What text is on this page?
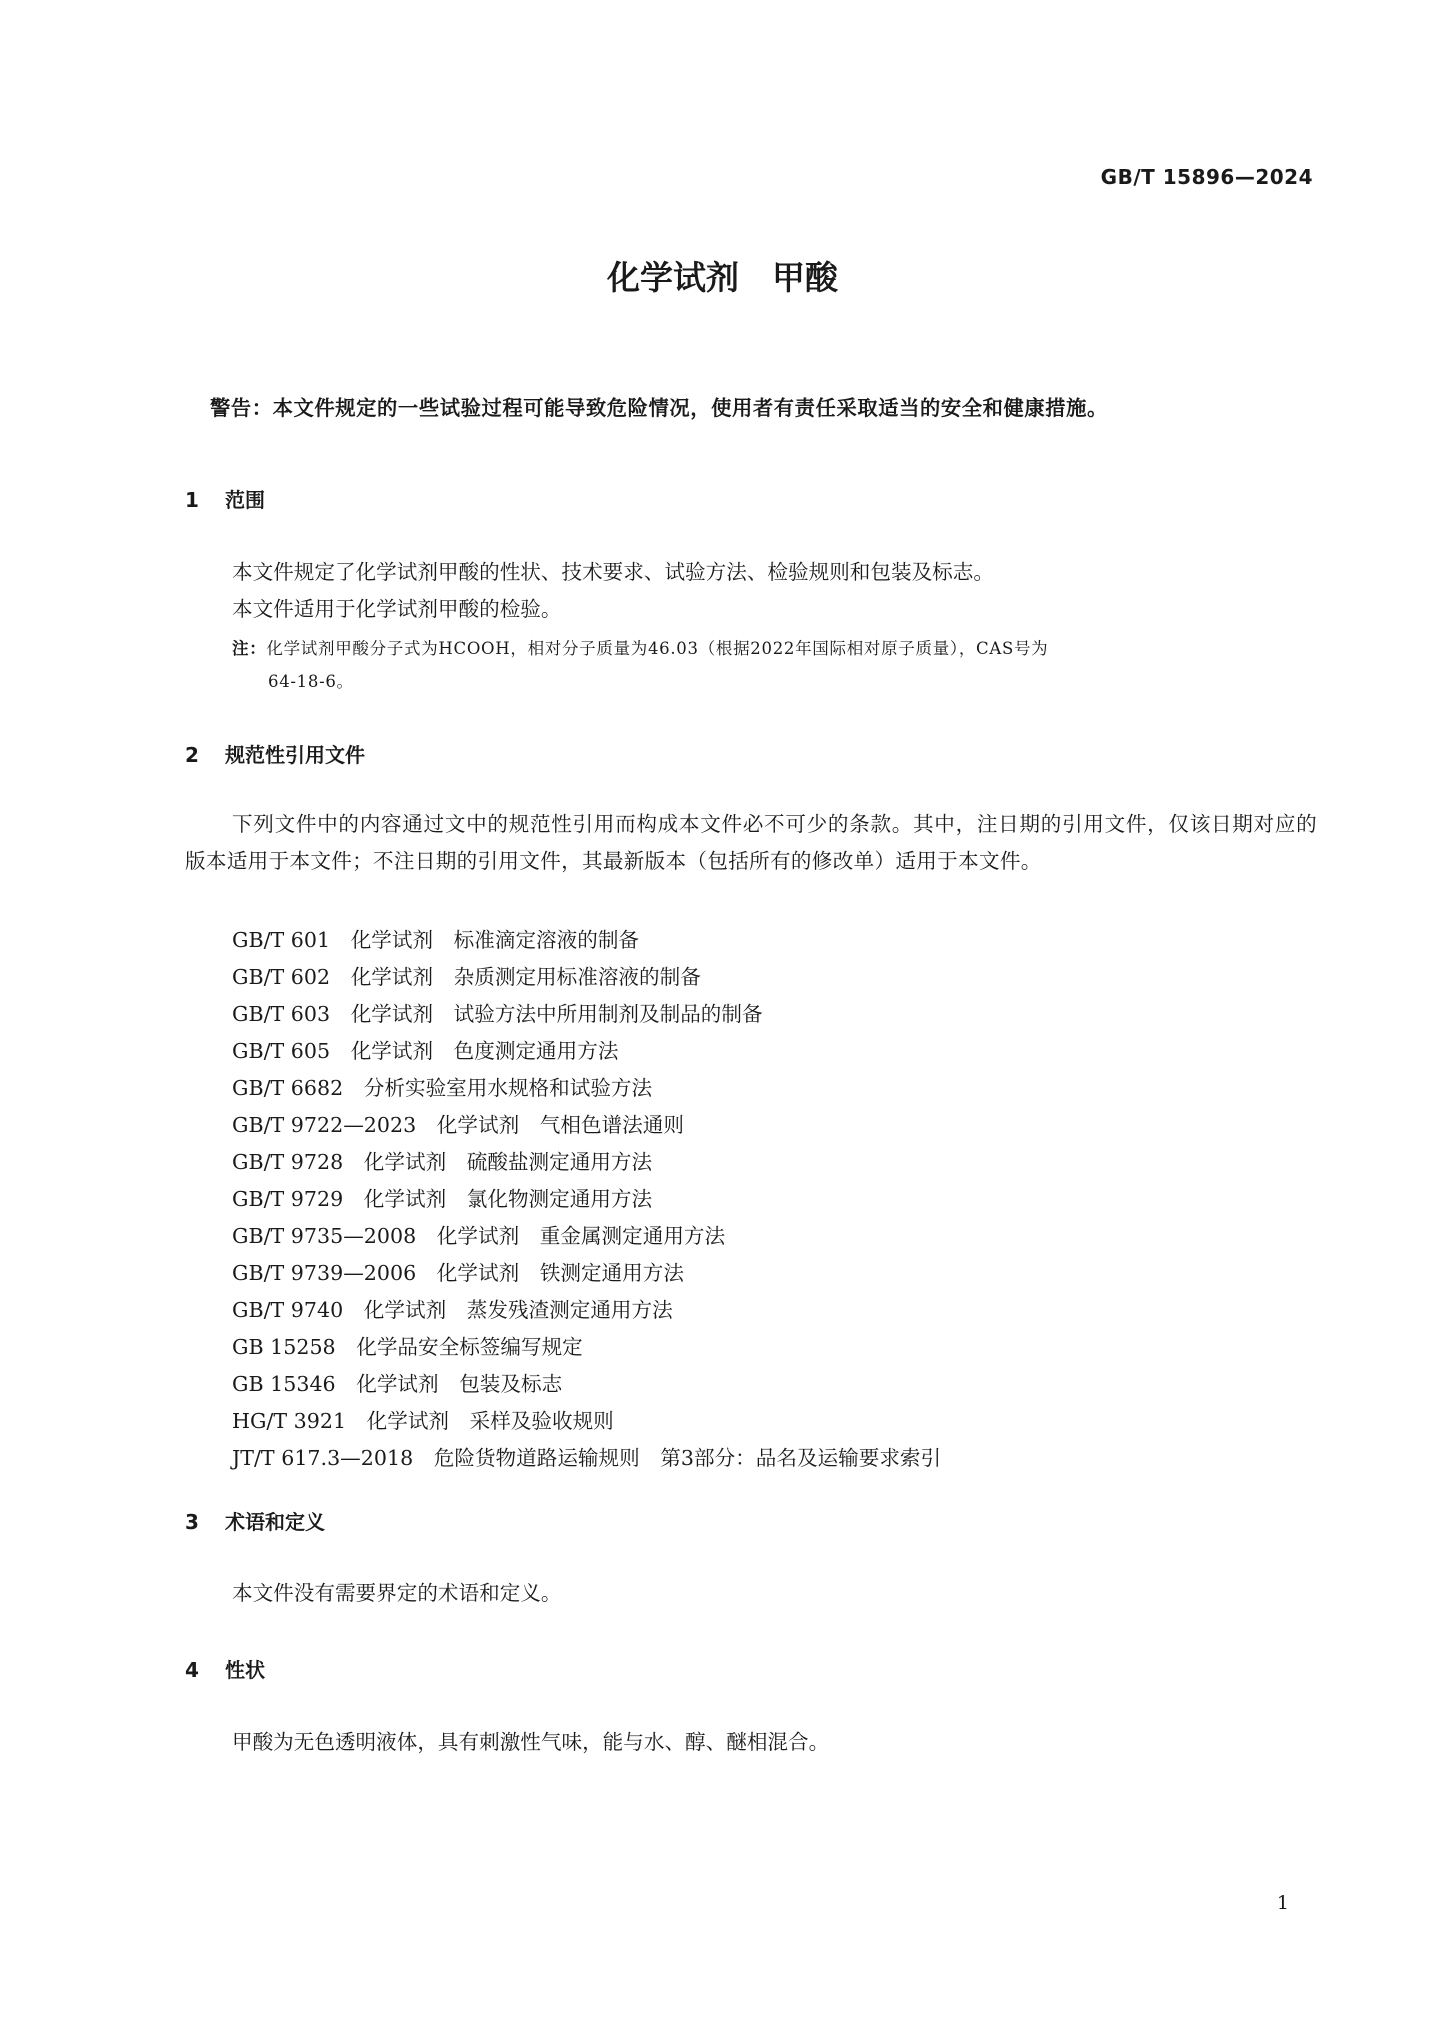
GB/T 15896—2024
化学试剂　甲酸
警告：本文件规定的一些试验过程可能导致危险情况，使用者有责任采取适当的安全和健康措施。
1 范围
本文件规定了化学试剂甲酸的性状、技术要求、试验方法、检验规则和包装及标志。
本文件适用于化学试剂甲酸的检验。
注：化学试剂甲酸分子式为HCOOH，相对分子质量为46.03（根据2022年国际相对原子质量），CAS号为
64-18-6。
2 规范性引用文件
下列文件中的内容通过文中的规范性引用而构成本文件必不可少的条款。其中，注日期的引用文件，仅该日期对应的版本适用于本文件；不注日期的引用文件，其最新版本（包括所有的修改单）适用于本文件。
GB/T 601　化学试剂　标准滴定溶液的制备
GB/T 602　化学试剂　杂质测定用标准溶液的制备
GB/T 603　化学试剂　试验方法中所用制剂及制品的制备
GB/T 605　化学试剂　色度测定通用方法
GB/T 6682　分析实验室用水规格和试验方法
GB/T 9722—2023　化学试剂　气相色谱法通则
GB/T 9728　化学试剂　硫酸盐测定通用方法
GB/T 9729　化学试剂　氯化物测定通用方法
GB/T 9735—2008　化学试剂　重金属测定通用方法
GB/T 9739—2006　化学试剂　铁测定通用方法
GB/T 9740　化学试剂　蒸发残渣测定通用方法
GB 15258　化学品安全标签编写规定
GB 15346　化学试剂　包装及标志
HG/T 3921　化学试剂　采样及验收规则
JT/T 617.3—2018　危险货物道路运输规则　第3部分：品名及运输要求索引
3 术语和定义
本文件没有需要界定的术语和定义。
4 性状
甲酸为无色透明液体，具有刺激性气味，能与水、醇、醚相混合。
1
